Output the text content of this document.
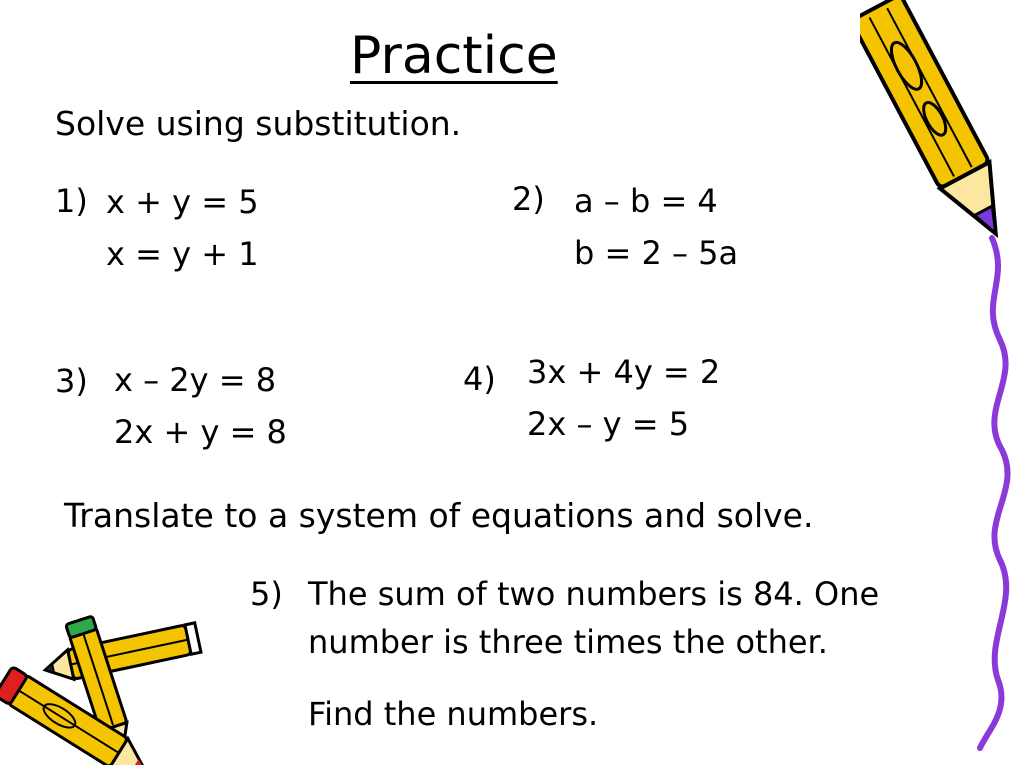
Practice

Solve using substitution.

1) x + y = 5
x = y + 1
2) a – b = 4
b = 2 – 5a
3) x – 2y = 8
2x + y = 8
4) 3x + 4y = 2
2x – y = 5

Translate to a system of equations and solve.

5) The sum of two numbers is 84. One
number is three times the other.
Find the numbers.
